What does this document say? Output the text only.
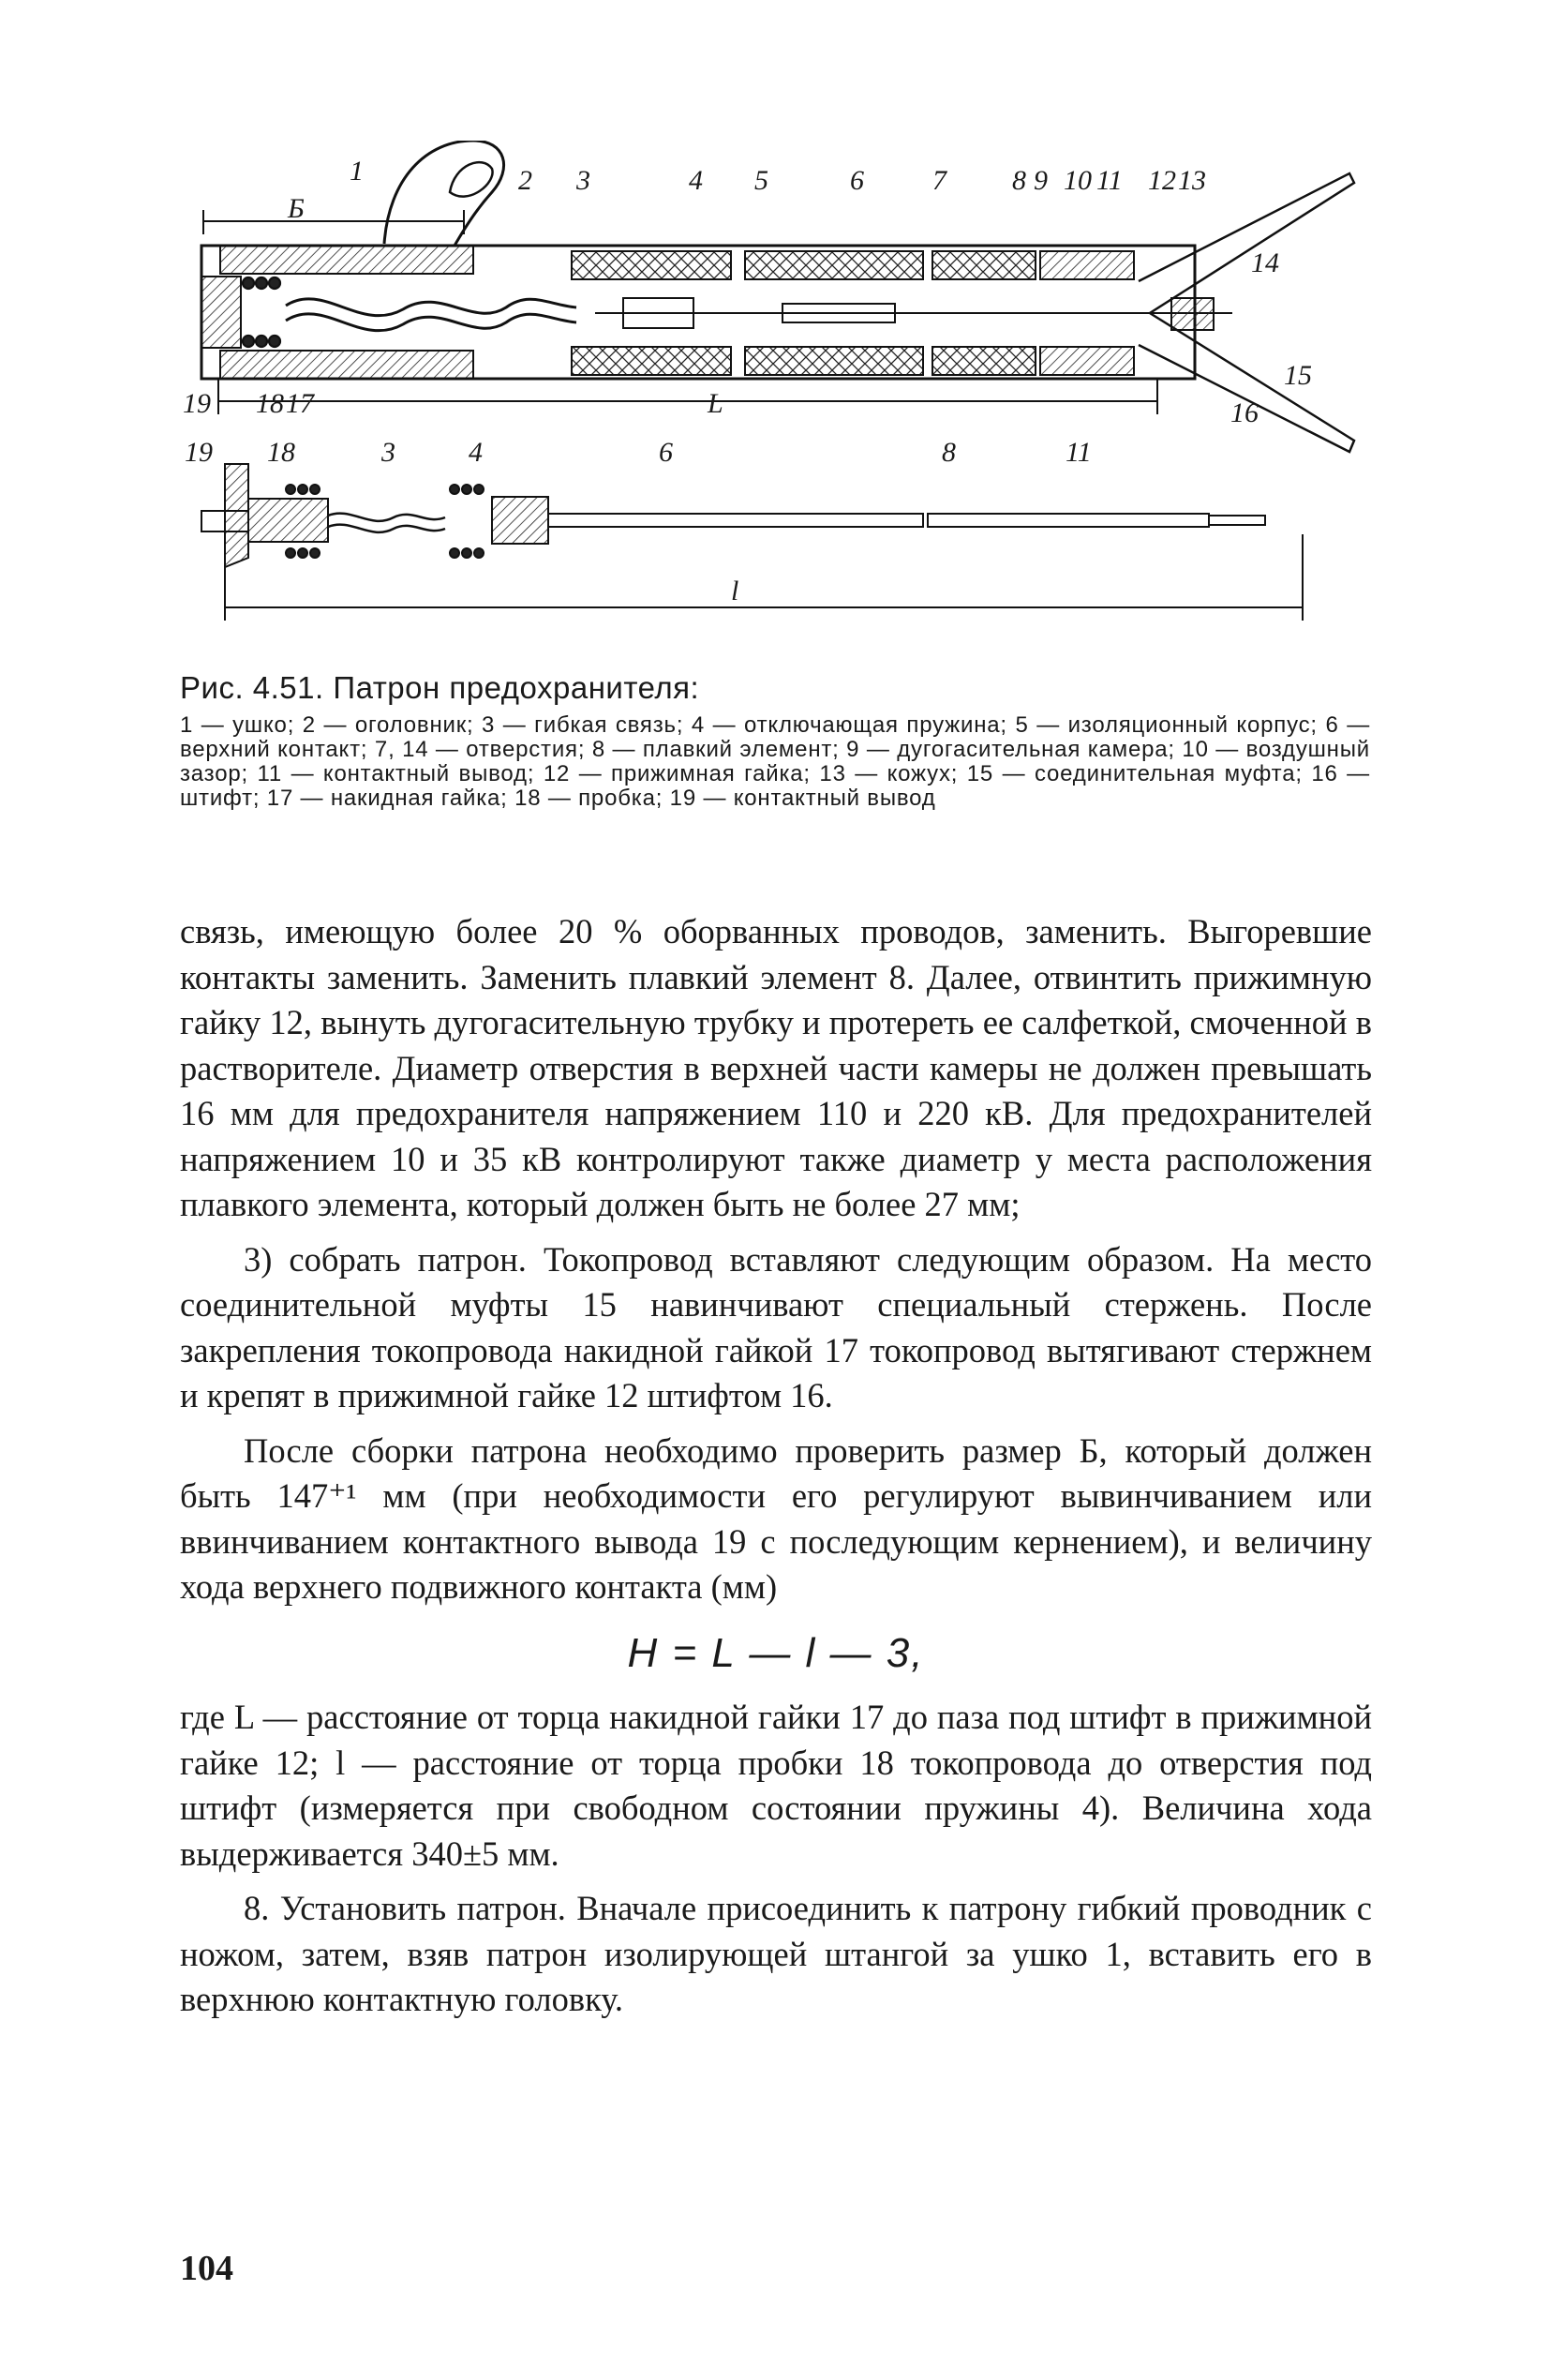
1	2 3	4 5	6 7 8 9 10 11 12 13
14
15
16
Б
19 18 17	L
19 18	3	4	6	8	11
l
Рис. 4.51. Патрон предохранителя:
1 — ушко; 2 — оголовник; 3 — гибкая связь; 4 — отключающая пружина; 5 — изоляционный корпус; 6 — верхний контакт; 7, 14 — отверстия; 8 — плавкий элемент; 9 — дугогасительная камера; 10 — воздушный зазор; 11 — контактный вывод; 12 — прижимная гайка; 13 — кожух; 15 — соединительная муфта; 16 — штифт; 17 — накидная гайка; 18 — пробка; 19 — контактный вывод

связь, имеющую более 20 % оборванных проводов, заменить. Выгоревшие контакты заменить. Заменить плавкий элемент 8. Далее, отвинтить прижимную гайку 12, вынуть дугогасительную трубку и протереть ее салфеткой, смоченной в растворителе. Диаметр отверстия в верхней части камеры не должен превышать 16 мм для предохранителя напряжением 110 и 220 кВ. Для предохранителей напряжением 10 и 35 кВ контролируют также диаметр у места расположения плавкого элемента, который должен быть не более 27 мм;

3) собрать патрон. Токопровод вставляют следующим образом. На место соединительной муфты 15 навинчивают специальный стержень. После закрепления токопровода накидной гайкой 17 токопровод вытягивают стержнем и крепят в прижимной гайке 12 штифтом 16.

После сборки патрона необходимо проверить размер Б, который должен быть 147⁺¹ мм (при необходимости его регулируют вывинчиванием или ввинчиванием контактного вывода 19 с последующим кернением), и величину хода верхнего подвижного контакта (мм)

H = L — l — 3,

где L — расстояние от торца накидной гайки 17 до паза под штифт в прижимной гайке 12; l — расстояние от торца пробки 18 токопровода до отверстия под штифт (измеряется при свободном состоянии пружины 4). Величина хода выдерживается 340±5 мм.

8. Установить патрон. Вначале присоединить к патрону гибкий проводник с ножом, затем, взяв патрон изолирующей штангой за ушко 1, вставить его в верхнюю контактную головку.

104
